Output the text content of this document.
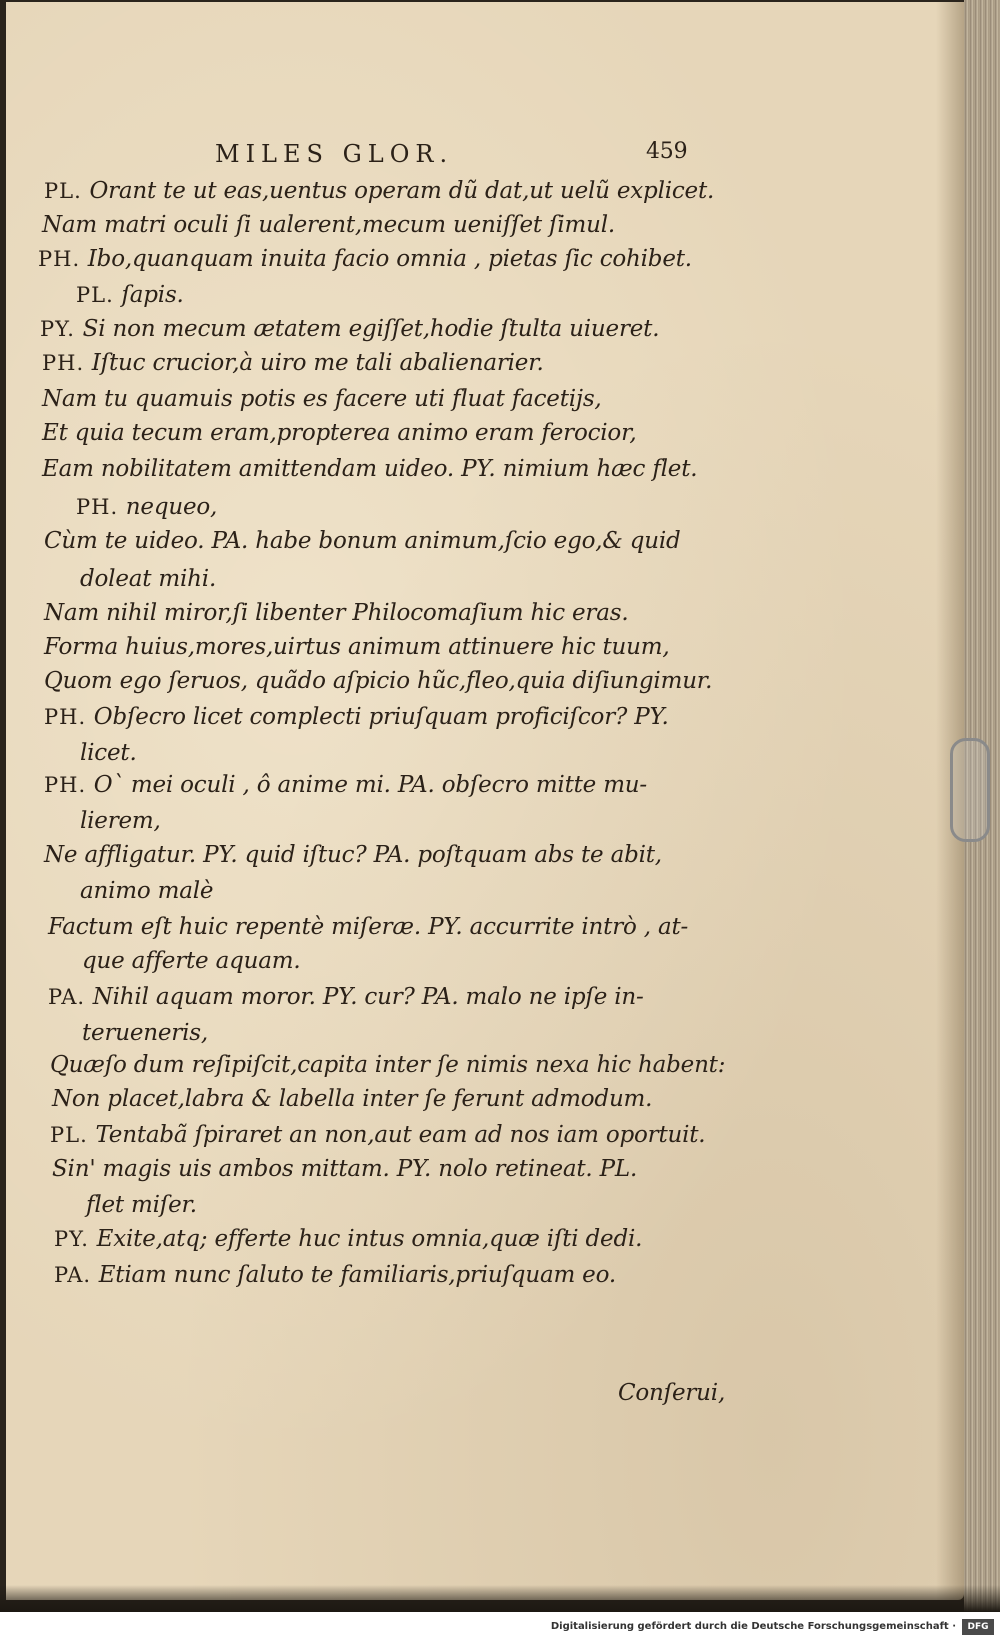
MILES GLOR.	459
PL. Orant te ut eas,uentus operam dũ dat,ut uelũ explicet.
Nam matri oculi ſi ualerent,mecum ueniſſet ſimul.
PH. Ibo,quanquam inuita facio omnia , pietas ſic cohibet.
PL. ſapis.
PY. Si non mecum ætatem egiſſet,hodie ſtulta uiueret.
PH. Iſtuc crucior,à uiro me tali abalienarier.
Nam tu quamuis potis es facere uti fluat facetijs,
Et quia tecum eram,propterea animo eram ferocior,
Eam nobilitatem amittendam uideo. PY. nimium hæc flet.
PH. nequeo,
Cùm te uideo. PA. habe bonum animum,ſcio ego,& quid
doleat mihi.
Nam nihil miror,ſi libenter Philocomaſium hic eras.
Forma huius,mores,uirtus animum attinuere hic tuum,
Quom ego ſeruos, quãdo aſpicio hũc,fleo,quia diſiungimur.
PH. Obſecro licet complecti priuſquam proficiſcor? PY.
licet.
PH. O` mei oculi , ô anime mi. PA. obſecro mitte mu-
lierem,
Ne affligatur. PY. quid iſtuc? PA. poſtquam abs te abit,
animo malè
Factum eſt huic repentè miſeræ. PY. accurrite intrò , at-
que afferte aquam.
PA. Nihil aquam moror. PY. cur? PA. malo ne ipſe in-
terueneris,
Quæſo dum reſipiſcit,capita inter ſe nimis nexa hic habent:
Non placet,labra & labella inter ſe ferunt admodum.
PL. Tentabã ſpiraret an non,aut eam ad nos iam oportuit.
Sin' magis uis ambos mittam. PY. nolo retineat. PL.
flet miſer.
PY. Exite,atq; efferte huc intus omnia,quæ iſti dedi.
PA. Etiam nunc ſaluto te familiaris,priuſquam eo.
Conſerui,
Digitalisierung gefördert durch die Deutsche Forschungsgemeinschaft ·	DFG
